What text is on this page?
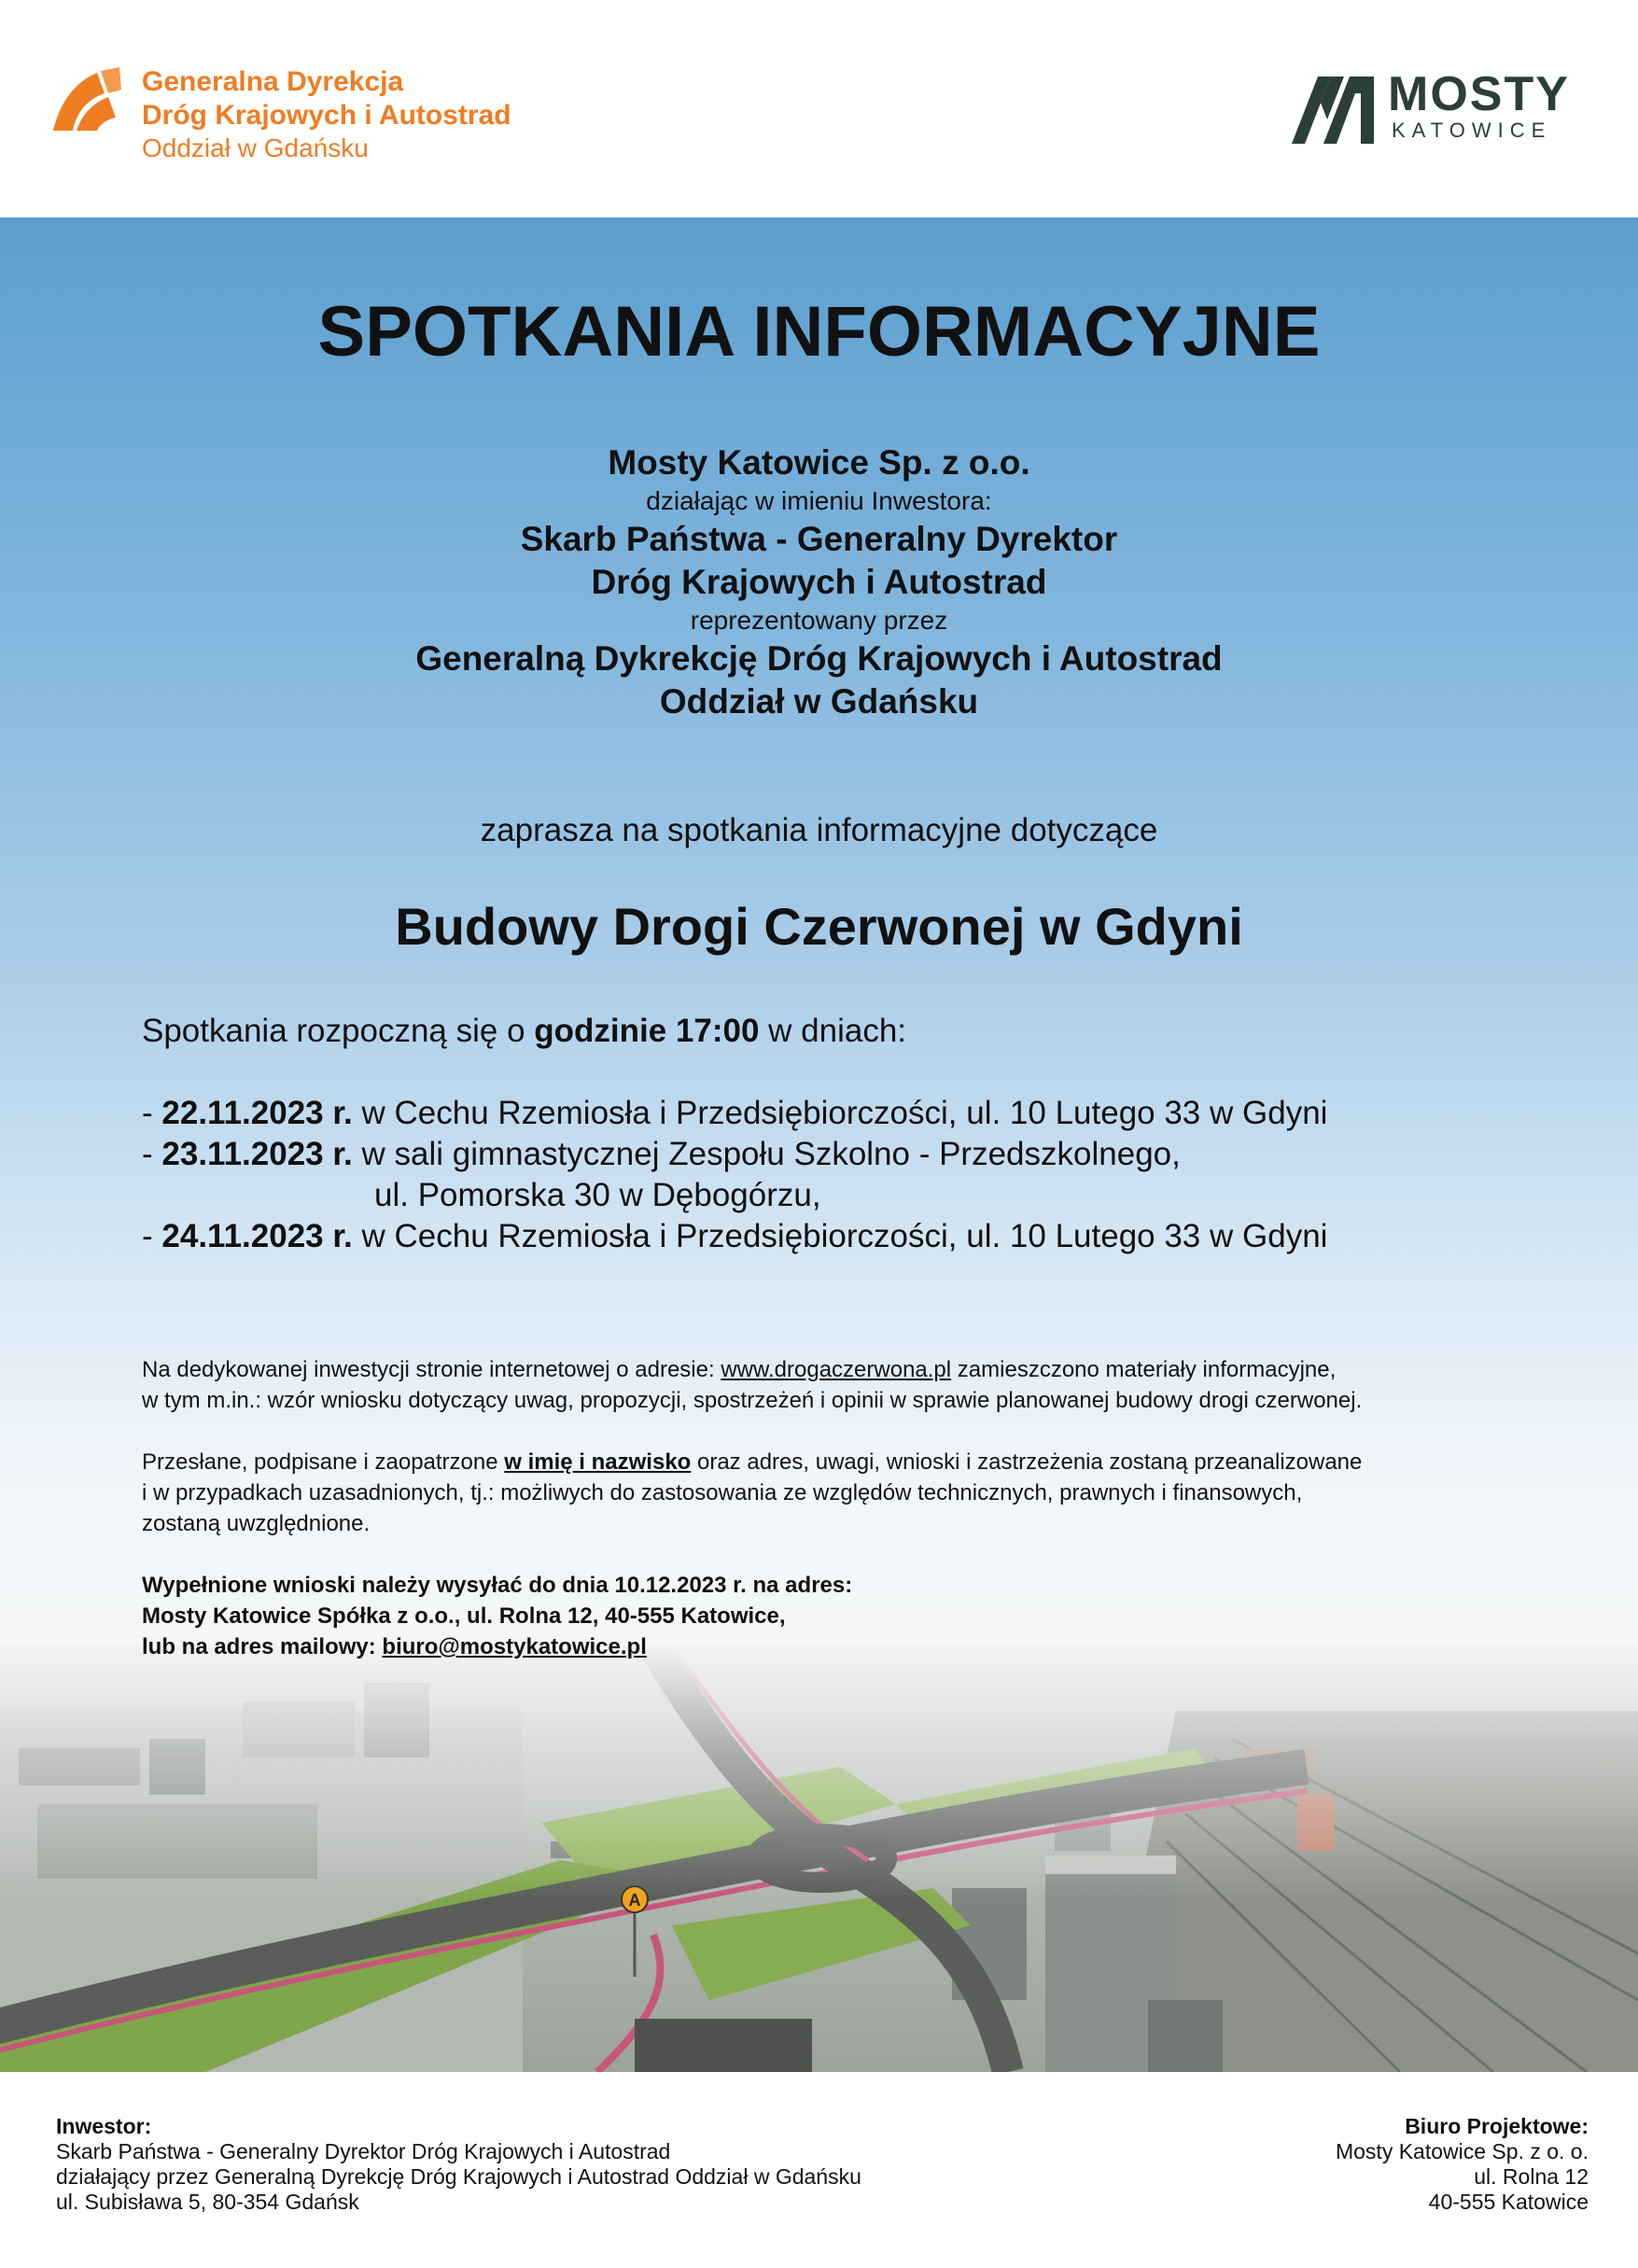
Generalna Dyrekcja
Dróg Krajowych i Autostrad
Oddział w Gdańsku
MOSTY
KATOWICE
SPOTKANIA INFORMACYJNE
Mosty Katowice Sp. z o.o.
działając w imieniu Inwestora:
Skarb Państwa - Generalny Dyrektor
Dróg Krajowych i Autostrad
reprezentowany przez
Generalną Dykrekcję Dróg Krajowych i Autostrad
Oddział w Gdańsku
zaprasza na spotkania informacyjne dotyczące
Budowy Drogi Czerwonej w Gdyni
Spotkania rozpoczną się o godzinie 17:00 w dniach:
- 22.11.2023 r. w Cechu Rzemiosła i Przedsiębiorczości, ul. 10 Lutego 33 w Gdyni
- 23.11.2023 r. w sali gimnastycznej Zespołu Szkolno - Przedszkolnego,
ul. Pomorska 30 w Dębogórzu,
- 24.11.2023 r. w Cechu Rzemiosła i Przedsiębiorczości, ul. 10 Lutego 33 w Gdyni

Na dedykowanej inwestycji stronie internetowej o adresie: www.drogaczerwona.pl zamieszczono materiały informacyjne,
w tym m.in.: wzór wniosku dotyczący uwag, propozycji, spostrzeżeń i opinii w sprawie planowanej budowy drogi czerwonej.

Przesłane, podpisane i zaopatrzone w imię i nazwisko oraz adres, uwagi, wnioski i zastrzeżenia zostaną przeanalizowane
i w przypadkach uzasadnionych, tj.: możliwych do zastosowania ze względów technicznych, prawnych i finansowych,
zostaną uwzględnione.

Wypełnione wnioski należy wysyłać do dnia 10.12.2023 r. na adres:
Mosty Katowice Spółka z o.o., ul. Rolna 12, 40-555 Katowice,
lub na adres mailowy: biuro@mostykatowice.pl

Inwestor:
Skarb Państwa - Generalny Dyrektor Dróg Krajowych i Autostrad
działający przez Generalną Dyrekcję Dróg Krajowych i Autostrad Oddział w Gdańsku
ul. Subisława 5, 80-354 Gdańsk
Biuro Projektowe:
Mosty Katowice Sp. z o. o.
ul. Rolna 12
40-555 Katowice
